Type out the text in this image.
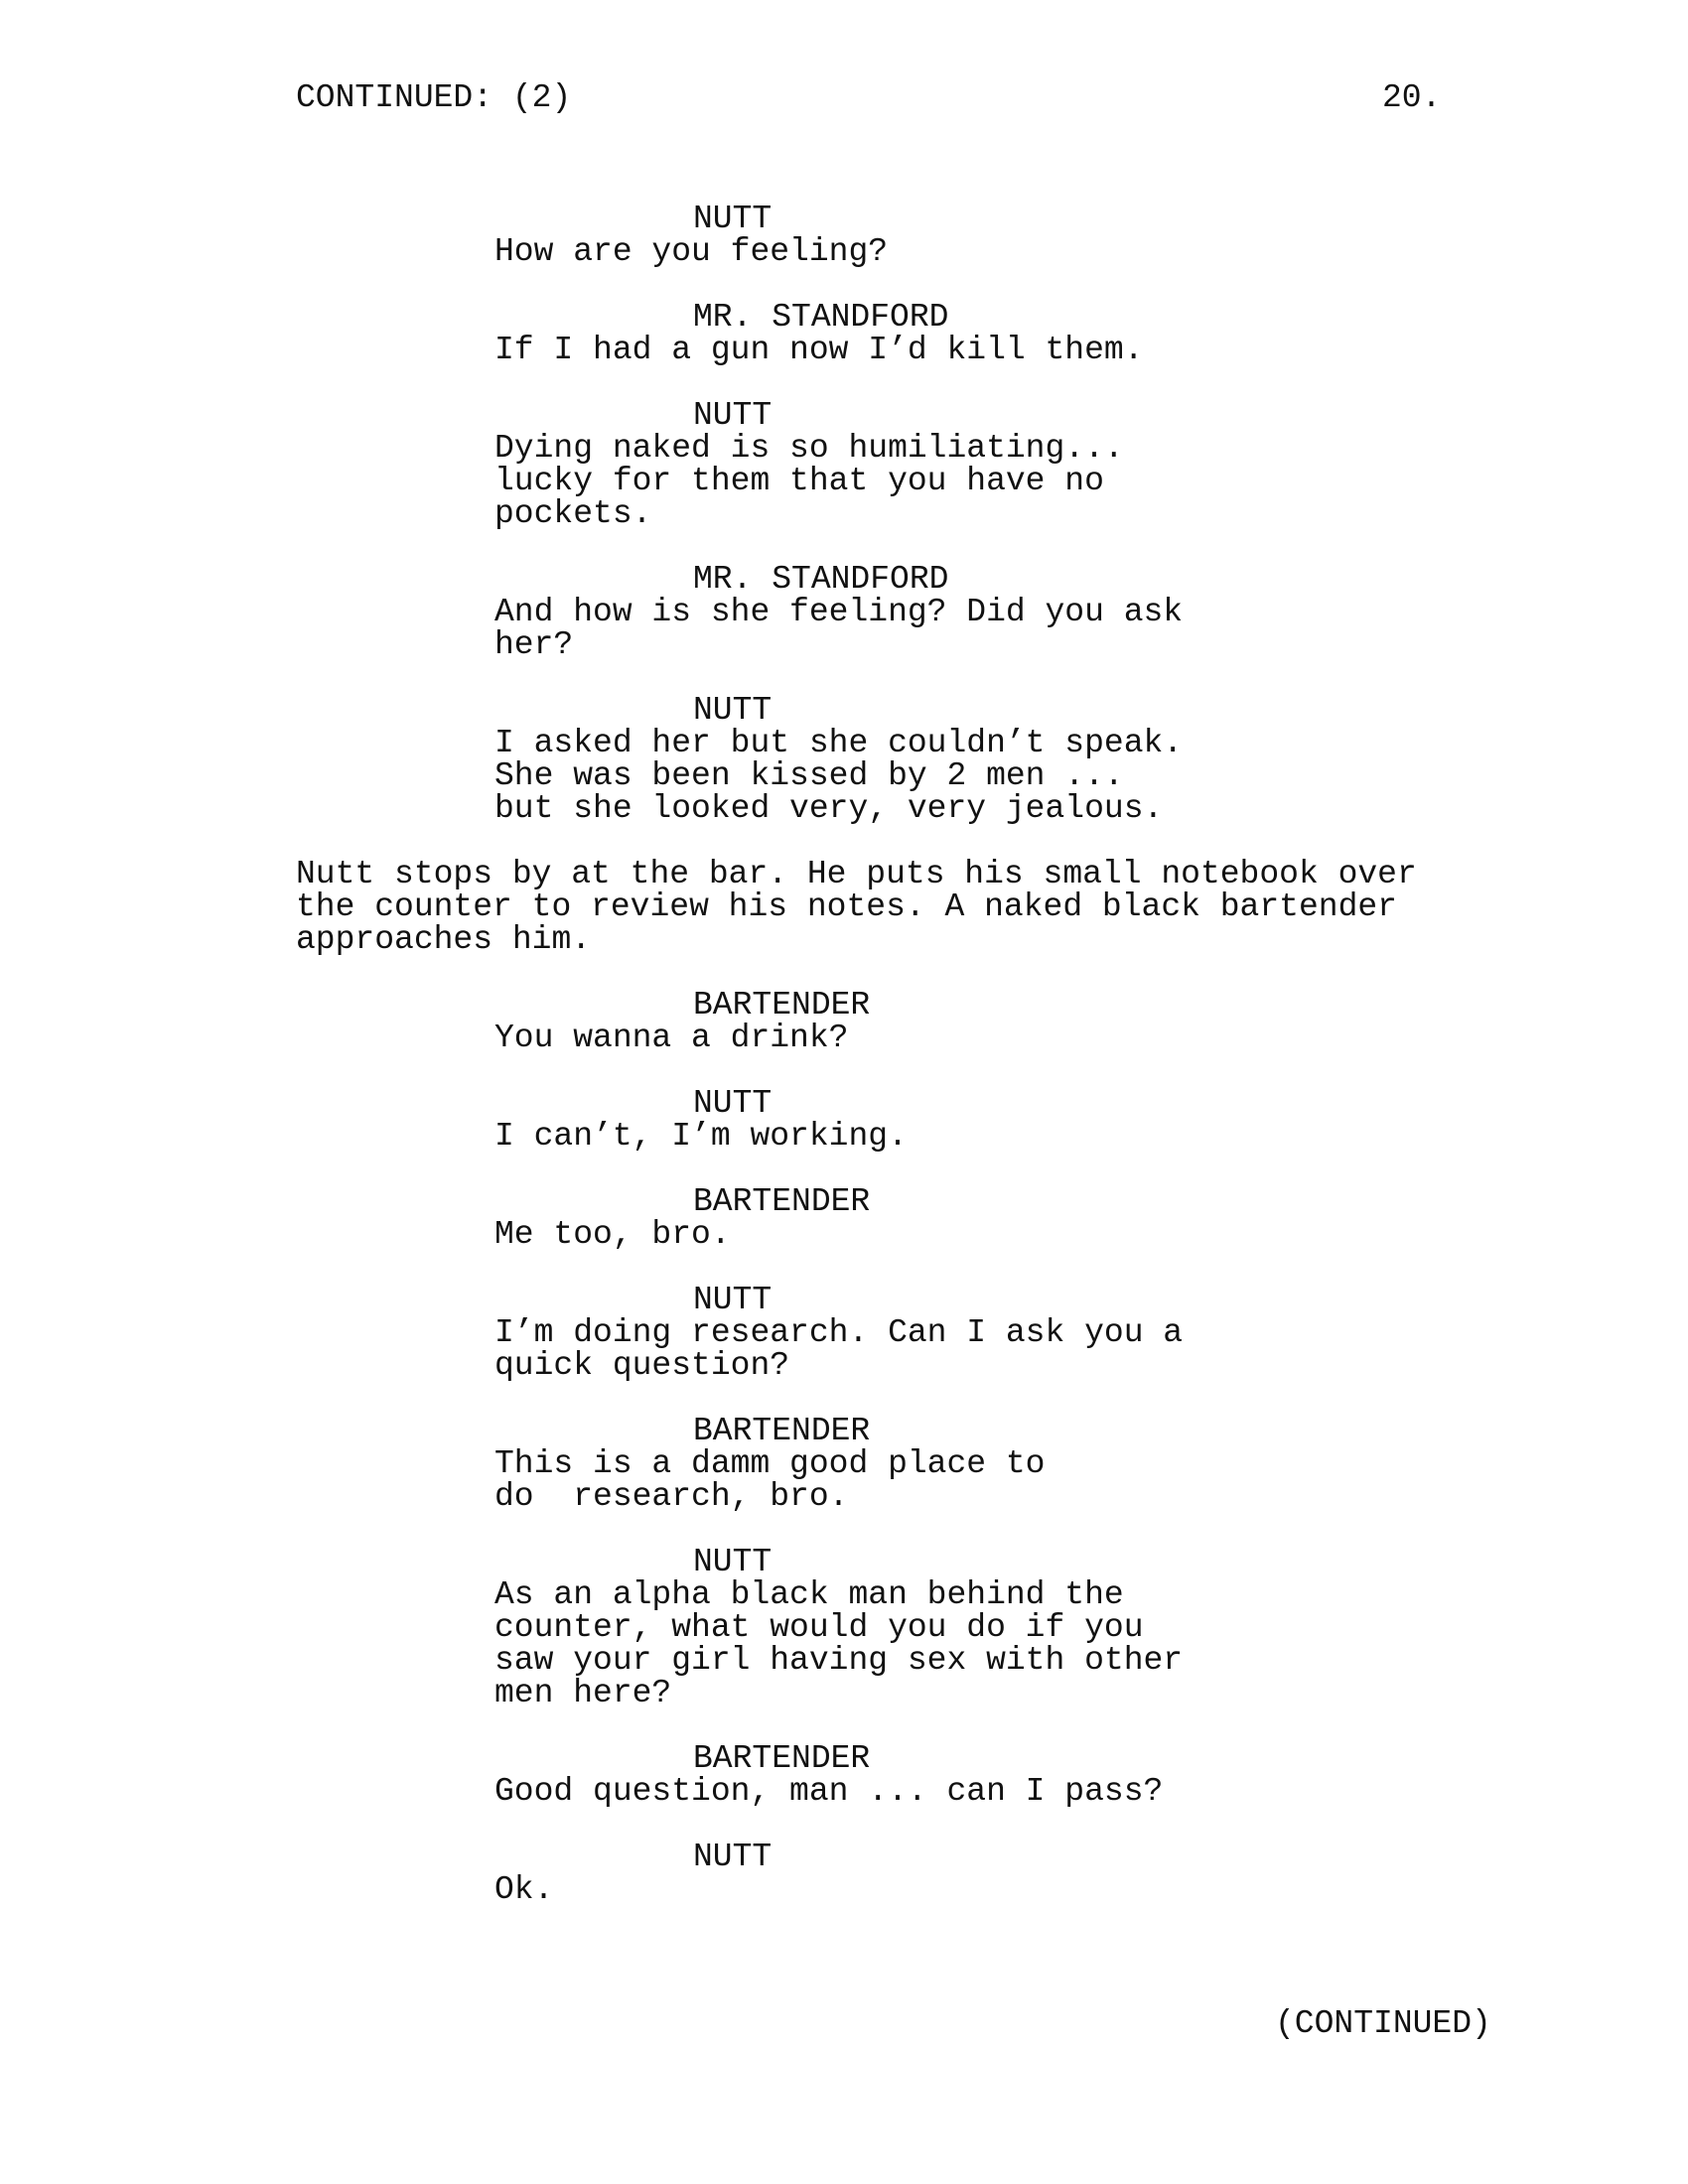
CONTINUED: (2)	20.
NUTT
How are you feeling?
MR. STANDFORD
If I had a gun now I’d kill them.
NUTT
Dying naked is so humiliating...
lucky for them that you have no
pockets.
MR. STANDFORD
And how is she feeling? Did you ask
her?
NUTT
I asked her but she couldn’t speak.
She was been kissed by 2 men ...
but she looked very, very jealous.
Nutt stops by at the bar. He puts his small notebook over
the counter to review his notes. A naked black bartender
approaches him.
BARTENDER
You wanna a drink?
NUTT
I can’t, I’m working.
BARTENDER
Me too, bro.
NUTT
I’m doing research. Can I ask you a
quick question?
BARTENDER
This is a damm good place to
do  research, bro.
NUTT
As an alpha black man behind the
counter, what would you do if you
saw your girl having sex with other
men here?
BARTENDER
Good question, man ... can I pass?
NUTT
Ok.
(CONTINUED)
